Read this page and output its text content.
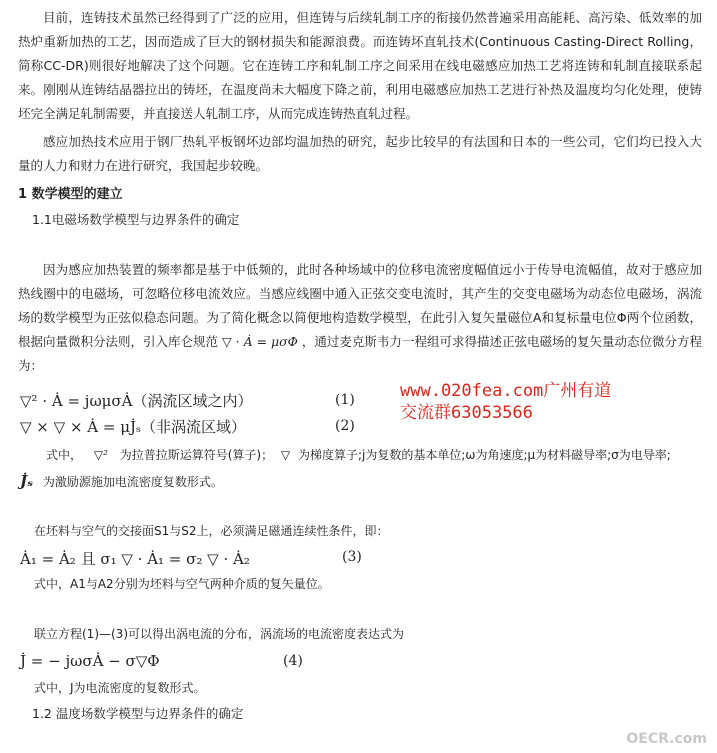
目前，连铸技术虽然已经得到了广泛的应用，但连铸与后续轧制工序的衔接仍然普遍采用高能耗、高污染、低效率的加热炉重新加热的工艺，因而造成了巨大的钢材损失和能源浪费。而连铸坏直轧技术(Continuous Casting-Direct Rolling，简称CC-DR)则很好地解决了这个问题。它在连铸工序和轧制工序之间采用在线电磁感应加热工艺将连铸和轧制直接联系起来。刚刚从连铸结晶器拉出的铸坯，在温度尚未大幅度下降之前，利用电磁感应加热工艺进行补热及温度均匀化处理，使铸坯完全满足轧制需要，并直接送人轧制工序，从而完成连铸热直轧过程。

感应加热技术应用于钢厂热轧平板钢坏边部均温加热的研究，起步比较早的有法国和日本的一些公司，它们均已投入大量的人力和财力在进行研究，我国起步较晚。

1 数学模型的建立
1.1电磁场数学模型与边界条件的确定

因为感应加热装置的频率都是基于中低频的，此时各种场域中的位移电流密度幅值远小于传导电流幅值，故对于感应加热线圈中的电磁场，可忽略位移电流效应。当感应线圈中通入正弦交变电流时，其产生的交变电磁场为动态位电磁场，涡流场的数学模型为正弦似稳态问题。为了简化概念以简便地构造数学模型，在此引入复矢量磁位A和复标量电位Φ两个位函数，根据向量微积分法则，引入库仑规范 ▽ · Ȧ = μσΦ ，通过麦克斯韦力一程组可求得描述正弦电磁场的复矢量动态位微分方程为：

▽² · Ȧ = jωμσȦ（涡流区域之内）	(1)
▽ × ▽ × Ȧ = μJ̇ₛ（非涡流区域）	(2)
www.020fea.com广州有道
交流群63053566
式中， ▽² 为拉普拉斯运算符号(算子)； ▽ 为梯度算子;j为复数的基本单位;ω为角速度;μ为材料磁导率;σ为电导率;
J̇ₛ 为激励源施加电流密度复数形式。
在坯料与空气的交接面S1与S2上，必须满足磁通连续性条件，即：
Ȧ₁ = Ȧ₂ 且 σ₁ ▽ · Ȧ₁ = σ₂ ▽ · Ȧ₂	(3)
式中，A1与A2分别为坯料与空气两种介质的复矢量位。
联立方程(1)—(3)可以得出涡电流的分布，涡流场的电流密度表达式为
J̇ = − jωσȦ − σ▽Φ	(4)
式中，J为电流密度的复数形式。
1.2 温度场数学模型与边界条件的确定
OECR.com
